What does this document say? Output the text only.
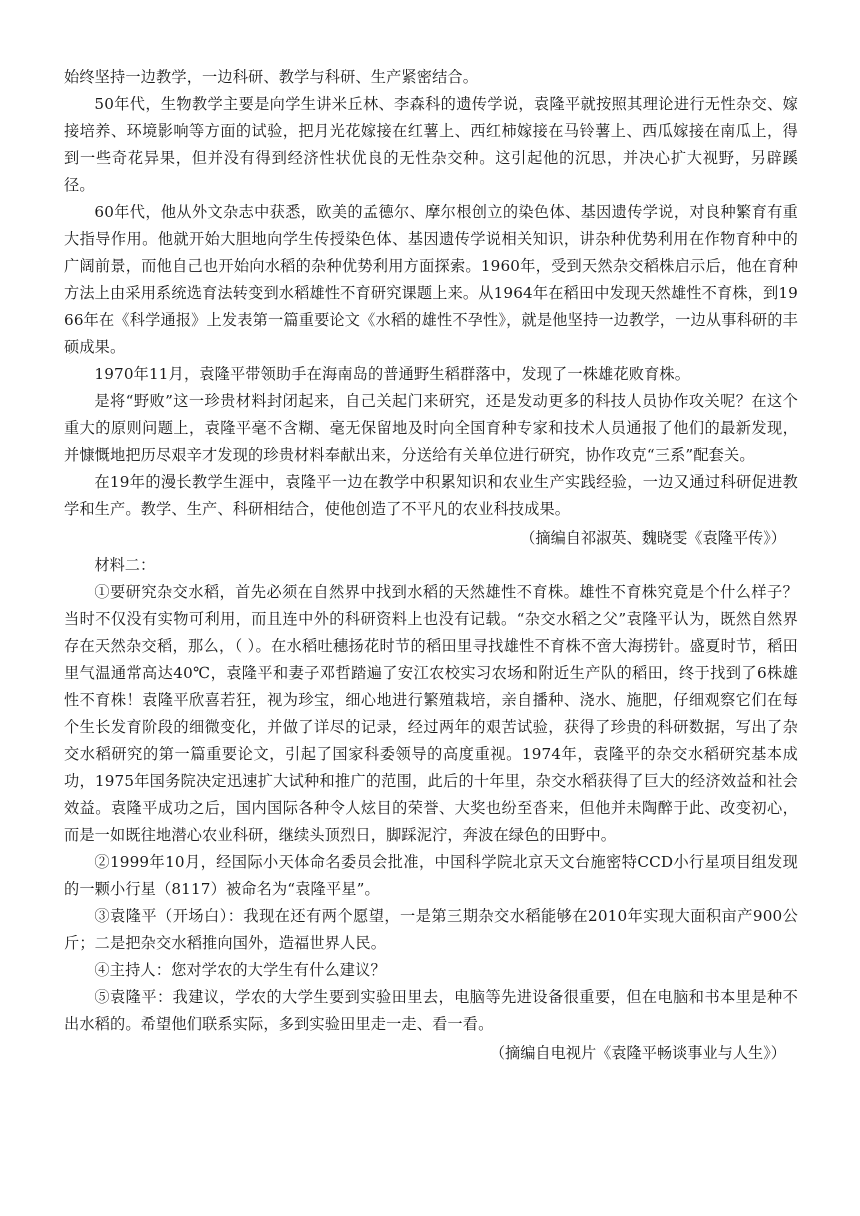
始终坚持一边教学，一边科研、教学与科研、生产紧密结合。

50年代，生物教学主要是向学生讲米丘林、李森科的遗传学说，袁隆平就按照其理论进行无性杂交、嫁接培养、环境影响等方面的试验，把月光花嫁接在红薯上、西红柿嫁接在马铃薯上、西瓜嫁接在南瓜上，得到一些奇花异果，但并没有得到经济性状优良的无性杂交种。这引起他的沉思，并决心扩大视野，另辟蹊径。

60年代，他从外文杂志中获悉，欧美的孟德尔、摩尔根创立的染色体、基因遗传学说，对良种繁育有重大指导作用。他就开始大胆地向学生传授染色体、基因遗传学说相关知识，讲杂种优势利用在作物育种中的广阔前景，而他自己也开始向水稻的杂种优势利用方面探索。1960年，受到天然杂交稻株启示后，他在育种方法上由采用系统选育法转变到水稻雄性不育研究课题上来。从1964年在稻田中发现天然雄性不育株，到1966年在《科学通报》上发表第一篇重要论文《水稻的雄性不孕性》，就是他坚持一边教学，一边从事科研的丰硕成果。

1970年11月，袁隆平带领助手在海南岛的普通野生稻群落中，发现了一株雄花败育株。

是将“野败”这一珍贵材料封闭起来，自己关起门来研究，还是发动更多的科技人员协作攻关呢？在这个重大的原则问题上，袁隆平毫不含糊、毫无保留地及时向全国育种专家和技术人员通报了他们的最新发现，并慷慨地把历尽艰辛才发现的珍贵材料奉献出来，分送给有关单位进行研究，协作攻克“三系”配套关。

在19年的漫长教学生涯中，袁隆平一边在教学中积累知识和农业生产实践经验，一边又通过科研促进教学和生产。教学、生产、科研相结合，使他创造了不平凡的农业科技成果。

（摘编自祁淑英、魏晓雯《袁隆平传》）

材料二：

①要研究杂交水稻，首先必须在自然界中找到水稻的天然雄性不育株。雄性不育株究竟是个什么样子？当时不仅没有实物可利用，而且连中外的科研资料上也没有记载。“杂交水稻之父”袁隆平认为，既然自然界存在天然杂交稻，那么，（ ）。在水稻吐穗扬花时节的稻田里寻找雄性不育株不啻大海捞针。盛夏时节，稻田里气温通常高达40℃，袁隆平和妻子邓哲踏遍了安江农校实习农场和附近生产队的稻田，终于找到了6株雄性不育株！袁隆平欣喜若狂，视为珍宝，细心地进行繁殖栽培，亲自播种、浇水、施肥，仔细观察它们在每个生长发育阶段的细微变化，并做了详尽的记录，经过两年的艰苦试验，获得了珍贵的科研数据，写出了杂交水稻研究的第一篇重要论文，引起了国家科委领导的高度重视。1974年，袁隆平的杂交水稻研究基本成功，1975年国务院决定迅速扩大试种和推广的范围，此后的十年里，杂交水稻获得了巨大的经济效益和社会效益。袁隆平成功之后，国内国际各种令人炫目的荣誉、大奖也纷至沓来，但他并未陶醉于此、改变初心，而是一如既往地潜心农业科研，继续头顶烈日，脚踩泥泞，奔波在绿色的田野中。

②1999年10月，经国际小天体命名委员会批准，中国科学院北京天文台施密特CCD小行星项目组发现的一颗小行星（8117）被命名为“袁隆平星”。

③袁隆平（开场白）：我现在还有两个愿望，一是第三期杂交水稻能够在2010年实现大面积亩产900公斤；二是把杂交水稻推向国外，造福世界人民。

④主持人：您对学农的大学生有什么建议？

⑤袁隆平：我建议，学农的大学生要到实验田里去，电脑等先进设备很重要，但在电脑和书本里是种不出水稻的。希望他们联系实际，多到实验田里走一走、看一看。

（摘编自电视片《袁隆平畅谈事业与人生》）
